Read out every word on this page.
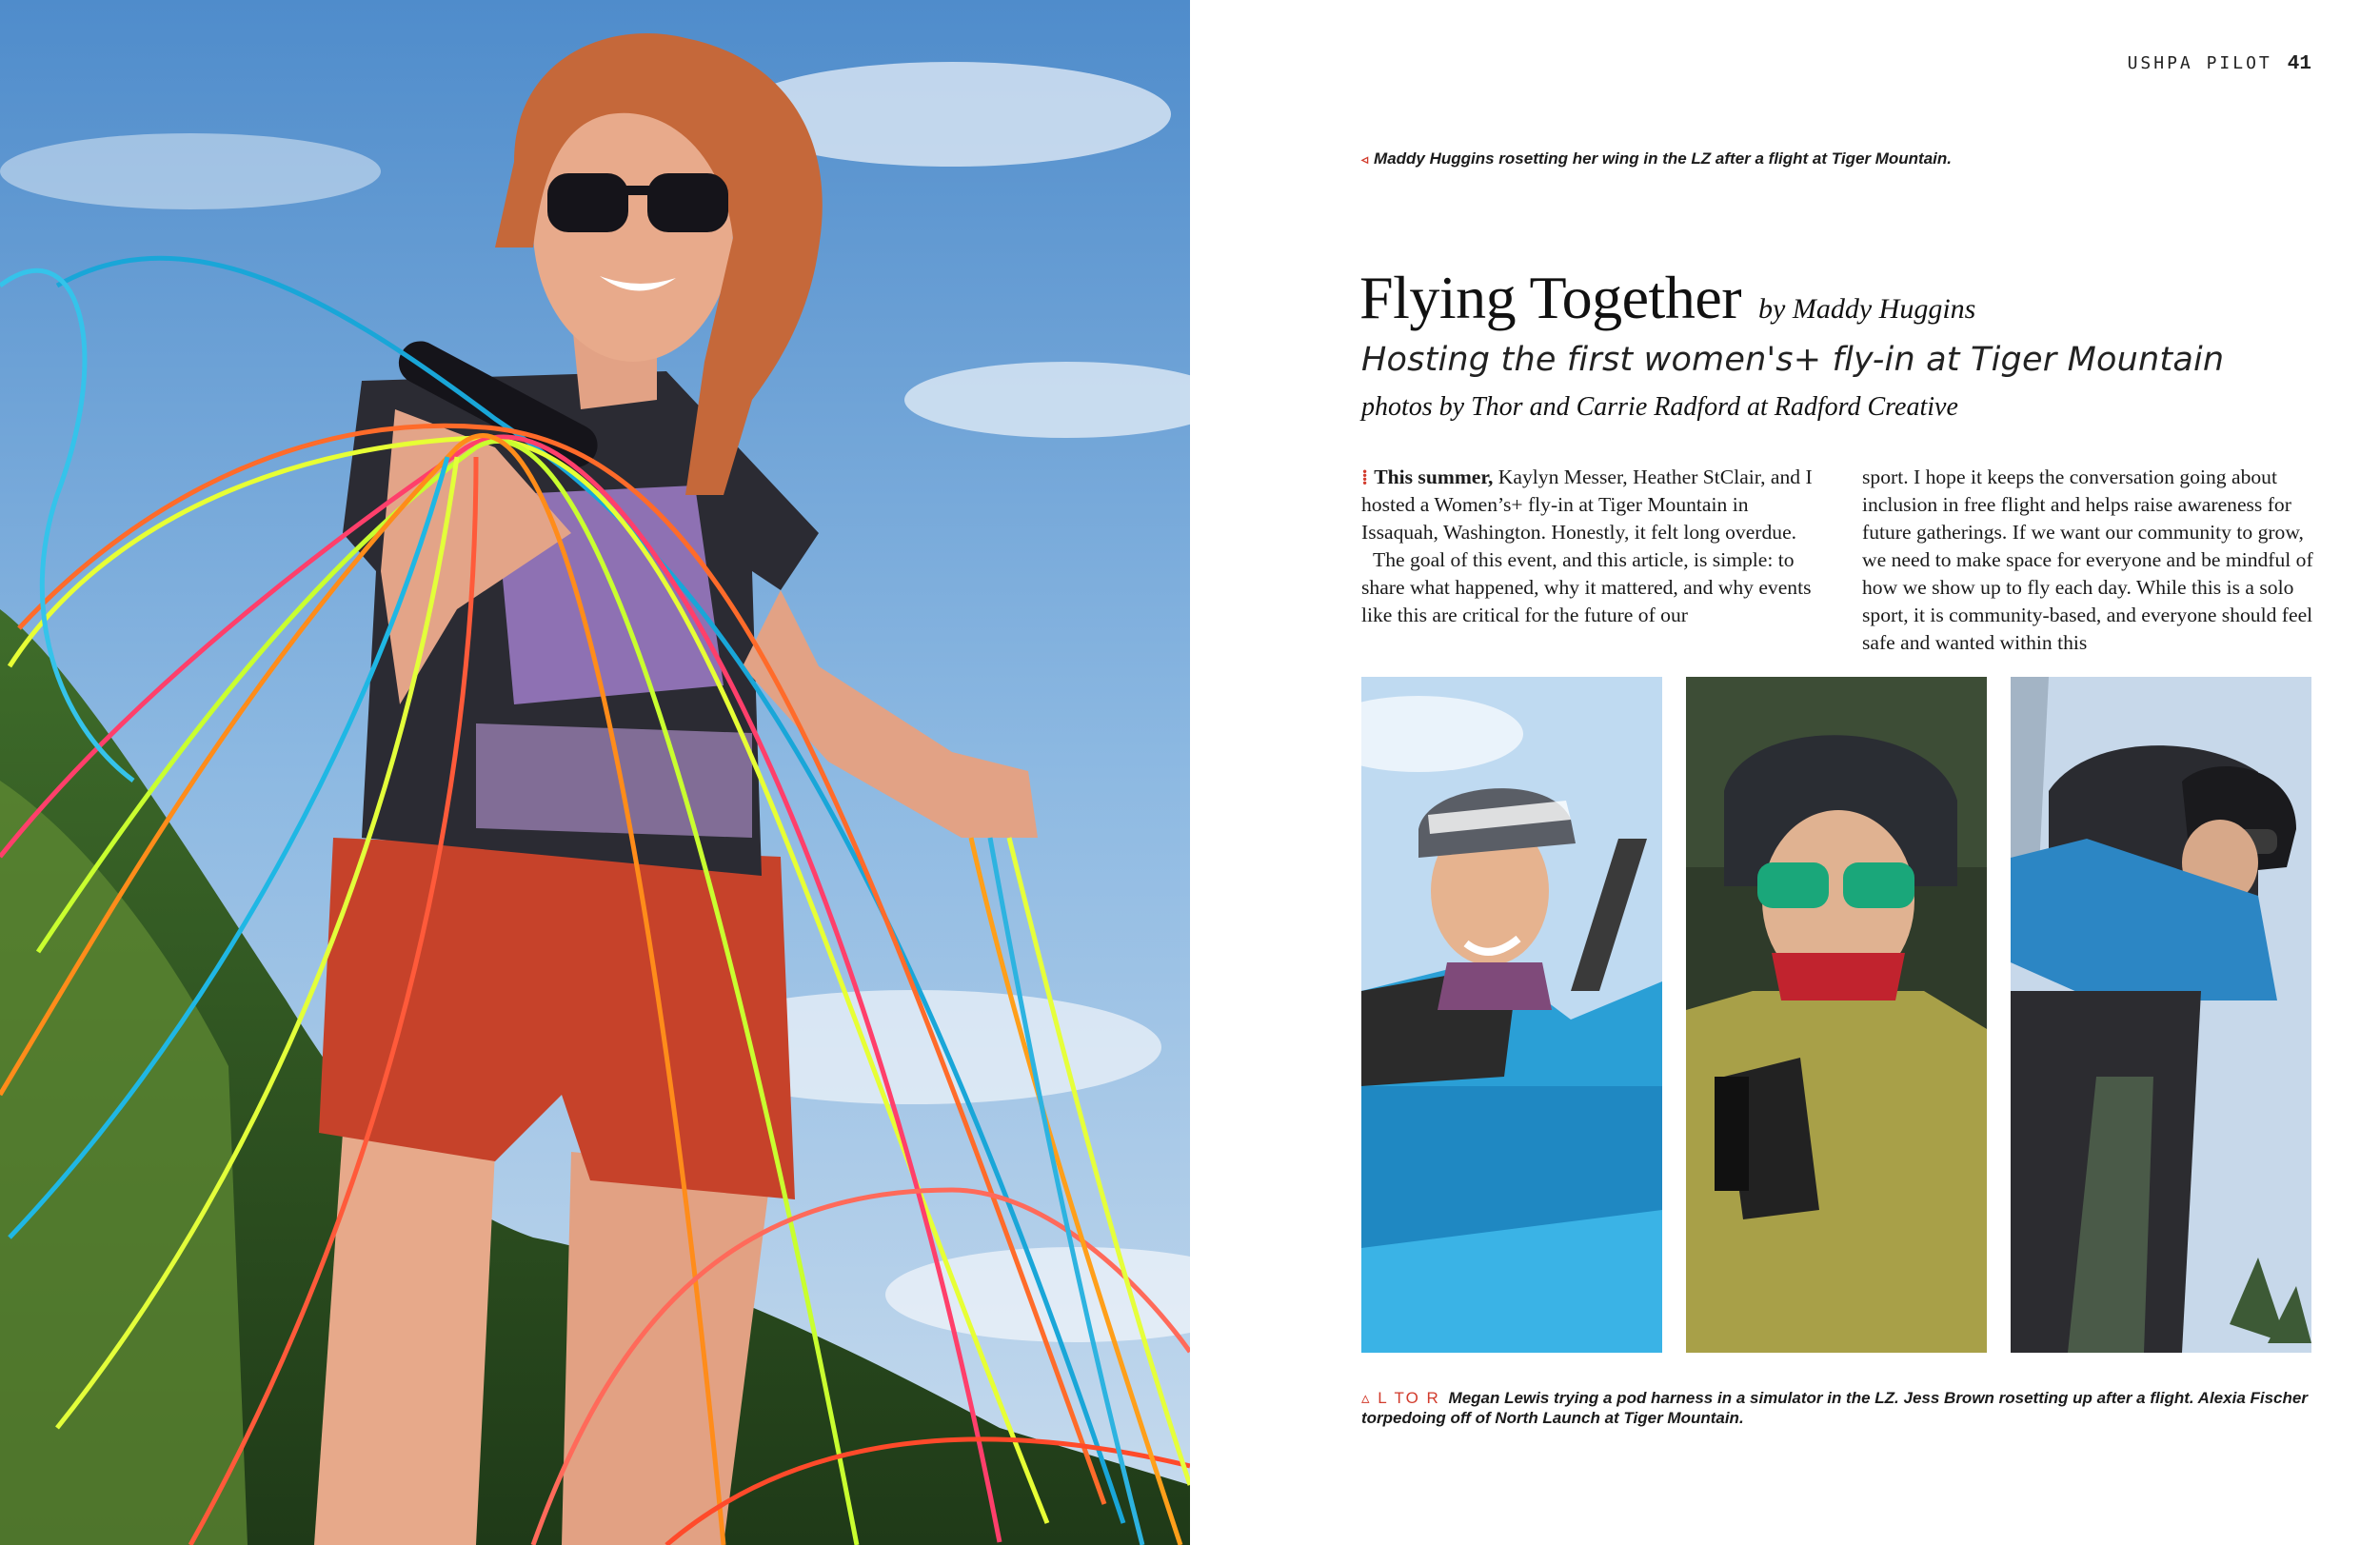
USHPA PILOT 41
◃ Maddy Huggins rosetting her wing in the LZ after a flight at Tiger Mountain.
Flying Together by Maddy Huggins
Hosting the first women's+ fly-in at Tiger Mountain
photos by Thor and Carrie Radford at Radford Creative

⁞ This summer, Kaylyn Messer, Heather StClair, and I hosted a Women’s+ fly-in at Tiger Mountain in Issaquah, Washington. Honestly, it felt long overdue.

The goal of this event, and this article, is simple: to share what happened, why it mattered, and why events like this are critical for the future of our

sport. I hope it keeps the conversation going about inclusion in free flight and helps raise awareness for future gatherings. If we want our community to grow, we need to make space for everyone and be mindful of how we show up to fly each day. While this is a solo sport, it is community-based, and everyone should feel safe and wanted within this

▵ L TO R Megan Lewis trying a pod harness in a simulator in the LZ. Jess Brown rosetting up after a flight. Alexia Fischer torpedoing off of North Launch at Tiger Mountain.
